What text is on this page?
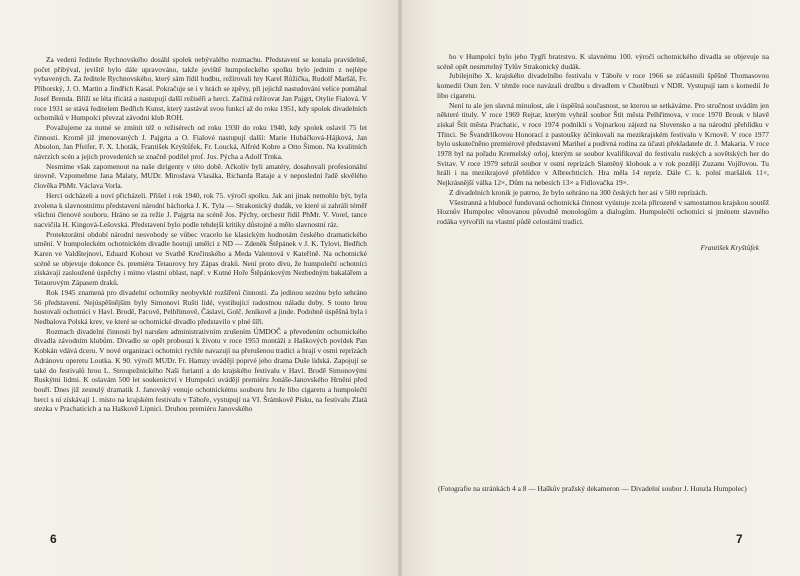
Za vedení ředitele Rychnovského dosáhl spolek nebývalého rozmachu. Představení se konala pravidelně, počet přibýval, jeviště bylo dále upravováno, takže jeviště humpoleckého spolku bylo jedním z nejlépe vybavených. Za ředitele Rychnovského, který sám řídil hudbu, režírovali hry Karel Růžička, Rudolf Maršál, Fr. Příborský, J. O. Martin a Jindřich Kasal. Pokračuje se i v hrách se zpěvy, při jejichž nastudování velice pomáhal Josef Brenda. Blíží se léta třicátá a nastupují další režiséři a herci. Začíná režírovat Jan Pajgrt, Otylie Fialová. V roce 1931 se stává ředitelem Bedřich Kunst, který zastával svou funkci až do roku 1951, kdy spolek divadelních ochotníků v Humpolci převzal závodní klub ROH.

Považujeme za nutné se zmínit též o režisérech od roku 1930 do roku 1940, kdy spolek oslavil 75 let činnosti. Kromě již jmenovaných J. Pajgrta a O. Fialové nastupují další: Marie Hubáčková-Hájková, Jan Absolon, Jan Pfeifer, F. X. Lhoták, František Kryštůfek, Fr. Loucká, Alfréd Kobre a Otto Šimon. Na kvalitních návrzích scén a jejich provedeních se značně podílel prof. Jos. Pýcha a Adolf Trnka.

Nesmíme však zapomenout na naše dirigenty v této době. Ačkoliv byli amatéry, dosahovali profesionální úrovně. Vzpomeňme Jana Malaty, MUDr. Miroslava Vlasáka, Richarda Rataje a v neposlední řadě skvělého člověka PhMr. Václava Vorla.

Herci odcházeli a noví přicházeli. Přišel i rok 1940, rok 75. výročí spolku. Jak ani jinak nemohlo být, byla zvolena k slavnostnímu představení národní báchorka J. K. Tyla — Strakonický dudák, ve které si zahráli téměř všichni členové souboru. Hráno se za režie J. Pajgrta na scéně Jos. Pýchy, orchestr řídil PhMr. V. Vorel, tance nacvičila H. Kingová-Lešovská. Představení bylo podle tehdejší kritiky důstojné a mělo slavnostní ráz.

Protektorátní období národní nesvobody se vůbec vracelo ke klasickým hodnotám českého dramatického umění. V humpoleckém ochotnickém divadle hostují umělci z ND — Zdeněk Štěpánek v J. K. Tylovi, Bedřich Karen ve Valdštejnovi, Eduard Kohout ve Svatbě Krečinského a Meda Valentová v Kateřině. Na ochotnické scéně se objevuje dokonce čs. premiéra Tetaurovy hry Zápas draků. Není proto divu, že humpolečtí ochotníci získávají zasloužené úspěchy i mimo vlastní oblast, např. v Kutné Hoře Štěpánkovým Nezbedným bakalářem a Tetaurovým Zápasem draků.

Rok 1945 znamená pro divadelní ochotníky neobyvklé rozšíření činnosti. Za jedinou sezónu bylo sehráno 56 představení. Nejúspěšnějším byly Simonovi Rušti lidé, vystihující radostnou náladu doby. S touto hrou hostovali ochotníci v Havl. Brodě, Pacově, Pelhřimově, Čáslavi, Golč. Jeníkově a jinde. Podobně úspěšná byla i Nedbalova Polská krev, ve které se ochotnické divadlo představilo v plné šíři.

Rozmach divadelní činnosti byl narušen administrativním zrušením ÚMDOČ a převedením ochotnického divadla závodním klubům. Divadlo se opět probouzí k životu v roce 1953 montáží z Haškových povídek Pan Kobkán vdává dceru. V nové organizaci ochotníci rychle navazují na přerušenou tradici a hrají v osmi reprízách Adránovu operetu Loutka. K 90. výročí MUDr. Fr. Hamzy uvádějí poprvé jeho drama Duše lidská. Zapojují se také do festivalů hrou L. Stroupežnického Naši furianti a do krajského festivalu v Havl. Brodě Simonovými Ruskými lidmi. K oslavám 500 let soukenictví v Humpolci uvádějí premiéru Jonáše-Janovského Hrnění před bouří. Dnes již zesnulý dramatik J. Janovský venuje ochotnickému souboru hru Je libo cigaretu a humpolečtí herci s ní získávají 1. místo na krajském festivalu v Táboře, vystupují na VI. Šrámkově Písku, na festivalu Zlatá stezka v Prachaticích a na Haškově Lipnici. Druhou premiéru Janovského

6

ho v Humpolci bylo jeho Tygří bratrstvo. K slavnému 100. výročí ochotnického divadla se objevuje na scéně opět nesmrtelný Tylův Strakonický dudák.

Jubilejního X. krajského divadelního festivalu v Táboře v roce 1966 se zúčastnili špěšně Thomasovou komedií Osm žen. V témže roce navázali družbu s divadlem v Chotěbuzi v NDR. Vystupují tam s komedií Je libo cigaretu.

Není tu ale jen slavná minulost, ale i úspěšná současnost, se kterou se setkáváme. Pro stručnost uvádím jen některé tituly. V roce 1969 Rejtar, kterým vyhrál soubor Štít města Pelhřimova, v roce 1970 Brouk v hlavě získal Štít města Prachatic, v roce 1974 podnikli s Vojnarkou zájezd na Slovensko a na národní přehlídku v Třinci. Se Švandrlíkovou Honorací z pastoušky účinkovali na mezikrajském festivalu v Krnově. V roce 1977 bylo uskutečněno premiérové představení Mariheí a podivná rodina za účasti překladatele dr. J. Makaria. V roce 1978 byl na pořadu Kremelský orloj, kterým se soubor kvalifikoval do festivalu ruských a sovětských her do Svitav. V roce 1979 sehrál soubor v osmi reprízách Slaměný klobouk a v rok později Zuzanu Vojířovou. Tu hráli i na mezikrajové přehlídce v Albrechticích. Hra měla 14 repríz. Dále C. k. polní maršálek 11×, Nejkrásnější válka 12×, Dům na nebesích 13× a Fidlovačka 19×.

Z divadelních kronik je patrno, že bylo sehráno na 300 českých her asi v 500 reprízách.

Všestranná a hlubocé fundovaná ochotnická činnost vyústuje zcela přirozeně v samostatnou krajskou soutěž Hoznův Humpolec věnovanou původně monologům a dialogům. Humpolečtí ochotníci si jménem slavného rodáka vytvořili na vlastní půdě celostátní tradici.

František Kryštůfek
(Fotografie na stránkách 4 a 8 — Haškův pražský dekameron — Divadelní soubor J. Honzla Humpolec)
7
